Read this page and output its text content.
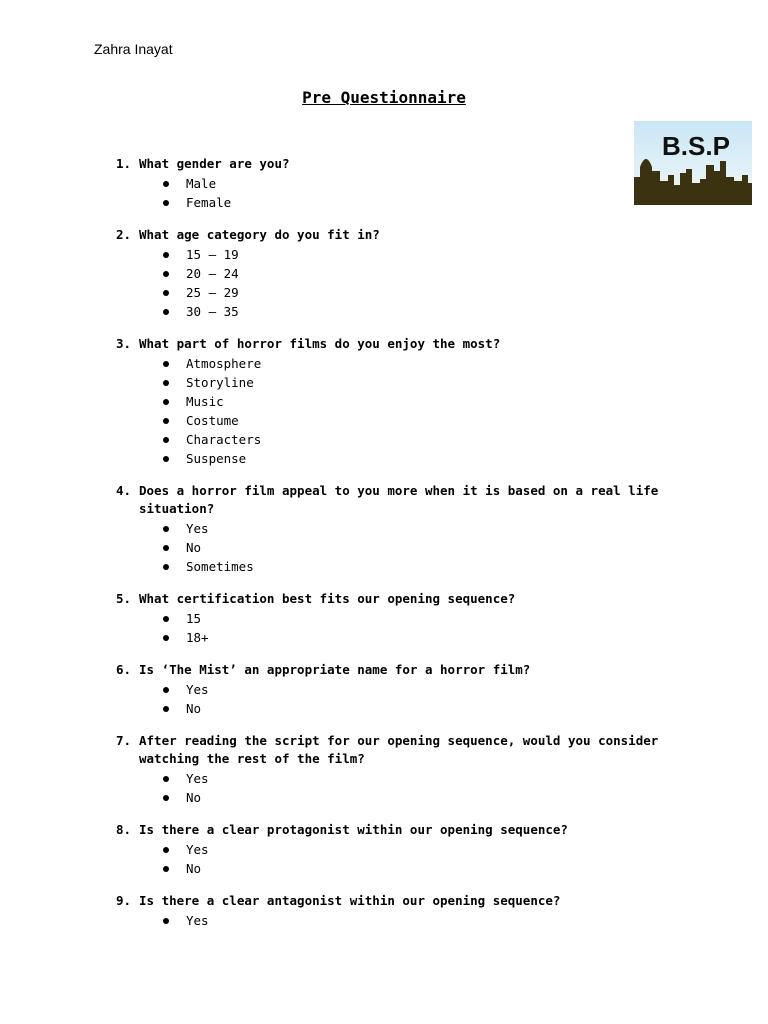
Zahra Inayat
Pre Questionnaire
B.S.P
1. What gender are you?
Male
Female
2. What age category do you fit in?
15 – 19
20 – 24
25 – 29
30 – 35
3. What part of horror films do you enjoy the most?
Atmosphere
Storyline
Music
Costume
Characters
Suspense
4. Does a horror film appeal to you more when it is based on a real life situation?
Yes
No
Sometimes
5. What certification best fits our opening sequence?
15
18+
6. Is ‘The Mist’ an appropriate name for a horror film?
Yes
No
7. After reading the script for our opening sequence, would you consider watching the rest of the film?
Yes
No
8. Is there a clear protagonist within our opening sequence?
Yes
No
9. Is there a clear antagonist within our opening sequence?
Yes
